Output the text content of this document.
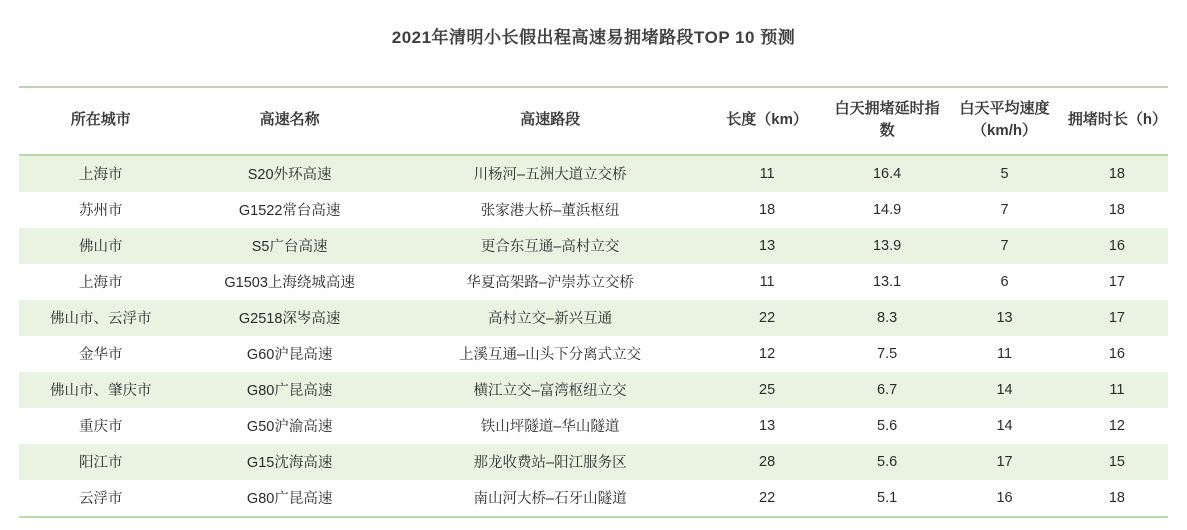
2021年清明小长假出程高速易拥堵路段TOP 10 预测
所在城市	高速名称	高速路段	长度（km）	白天拥堵延时指数	白天平均速度（km/h）	拥堵时长（h）
上海市	S20外环高速	川杨河–五洲大道立交桥	11	16.4	5	18
苏州市	G1522常台高速	张家港大桥–董浜枢纽	18	14.9	7	18
佛山市	S5广台高速	更合东互通–高村立交	13	13.9	7	16
上海市	G1503上海绕城高速	华夏高架路–沪崇苏立交桥	11	13.1	6	17
佛山市、云浮市	G2518深岑高速	高村立交–新兴互通	22	8.3	13	17
金华市	G60沪昆高速	上溪互通–山头下分离式立交	12	7.5	11	16
佛山市、肇庆市	G80广昆高速	横江立交–富湾枢纽立交	25	6.7	14	11
重庆市	G50沪渝高速	铁山坪隧道–华山隧道	13	5.6	14	12
阳江市	G15沈海高速	那龙收费站–阳江服务区	28	5.6	17	15
云浮市	G80广昆高速	南山河大桥–石牙山隧道	22	5.1	16	18
